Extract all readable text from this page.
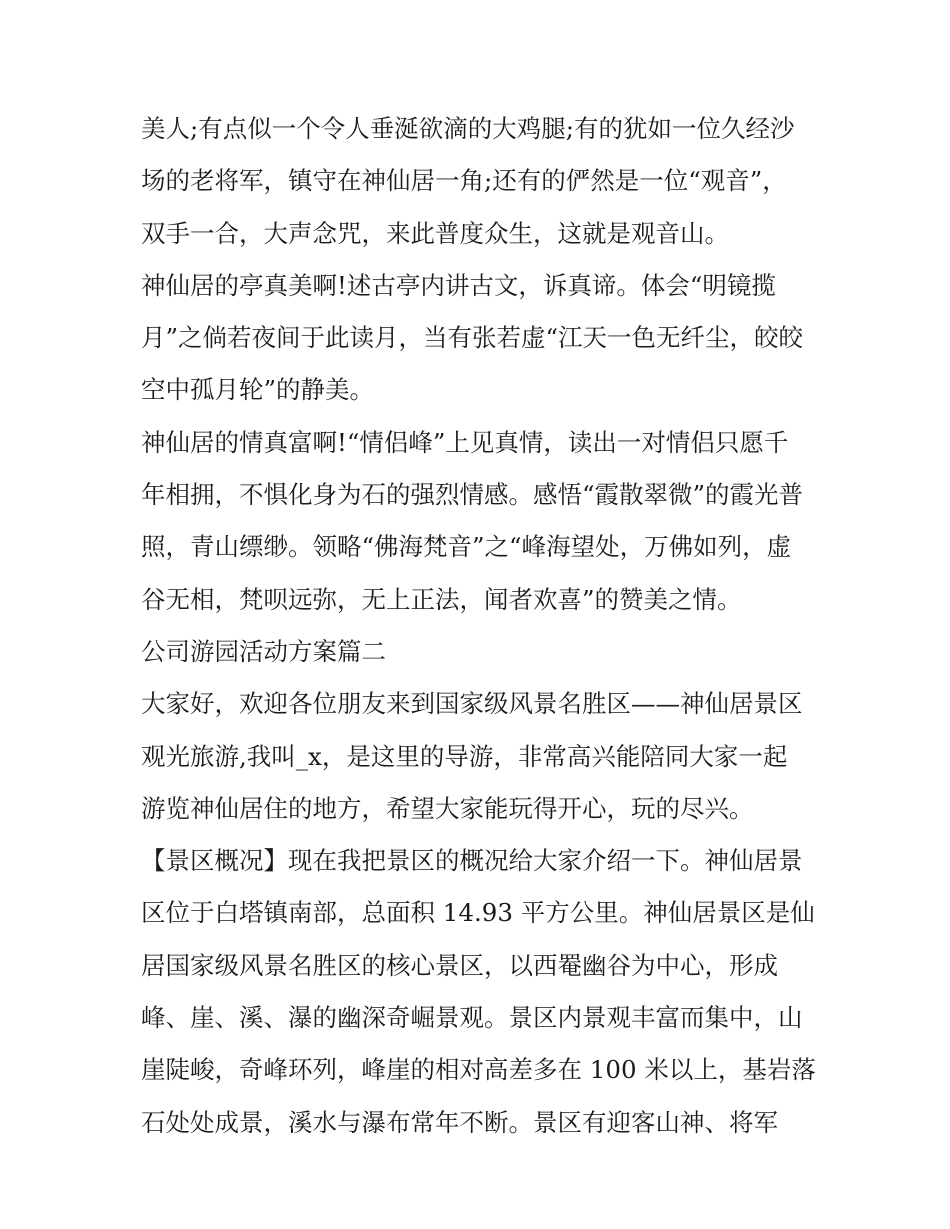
美人;有点似一个令人垂涎欲滴的大鸡腿;有的犹如一位久经沙

场的老将军，镇守在神仙居一角;还有的俨然是一位“观音”，

双手一合，大声念咒，来此普度众生，这就是观音山。

神仙居的亭真美啊!述古亭内讲古文，诉真谛。体会“明镜揽

月”之倘若夜间于此读月，当有张若虚“江天一色无纤尘，皎皎

空中孤月轮”的静美。

神仙居的情真富啊!“情侣峰”上见真情，读出一对情侣只愿千

年相拥，不惧化身为石的强烈情感。感悟“霞散翠微”的霞光普

照，青山缥缈。领略“佛海梵音”之“峰海望处，万佛如列，虚

谷无相，梵呗远弥，无上正法，闻者欢喜”的赞美之情。

公司游园活动方案篇二

大家好，欢迎各位朋友来到国家级风景名胜区——神仙居景区

观光旅游,我叫_x，是这里的导游，非常高兴能陪同大家一起

游览神仙居住的地方，希望大家能玩得开心，玩的尽兴。

【景区概况】现在我把景区的概况给大家介绍一下。神仙居景

区位于白塔镇南部，总面积 14.93 平方公里。神仙居景区是仙

居国家级风景名胜区的核心景区，以西罨幽谷为中心，形成

峰、崖、溪、瀑的幽深奇崛景观。景区内景观丰富而集中，山

崖陡峻，奇峰环列，峰崖的相对高差多在 100 米以上，基岩落

石处处成景，溪水与瀑布常年不断。景区有迎客山神、将军
